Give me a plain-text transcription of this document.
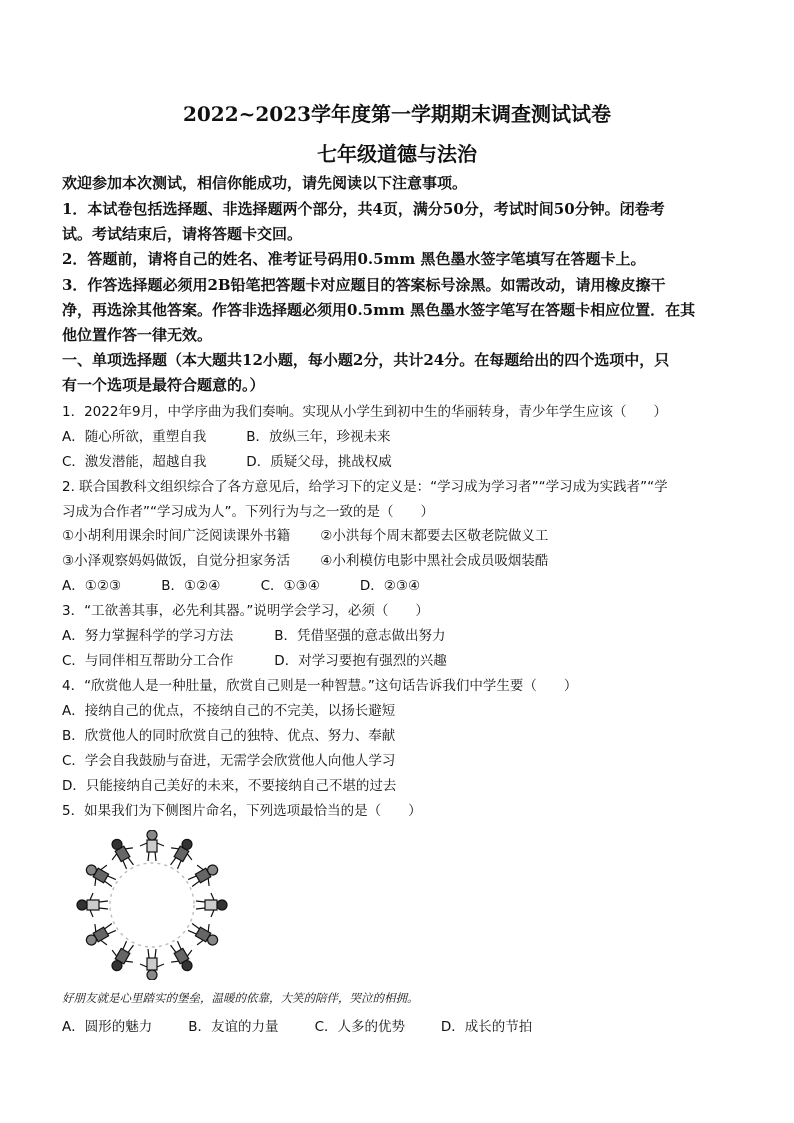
2022~2023学年度第一学期期末调查测试试卷
七年级道德与法治
欢迎参加本次测试，相信你能成功，请先阅读以下注意事项。
1．本试卷包括选择题、非选择题两个部分，共4页，满分50分，考试时间50分钟。闭卷考
试。考试结束后，请将答题卡交回。
2．答题前，请将自己的姓名、准考证号码用0.5mm 黑色墨水签字笔填写在答题卡上。
3．作答选择题必须用2B铅笔把答题卡对应题目的答案标号涂黑。如需改动，请用橡皮擦干
净，再选涂其他答案。作答非选择题必须用0.5mm 黑色墨水签字笔写在答题卡相应位置．在其
他位置作答一律无效。
一、单项选择题（本大题共12小题，每小题2分，共计24分。在每题给出的四个选项中，只
有一个选项是最符合题意的。）
1．2022年9月，中学序曲为我们奏响。实现从小学生到初中生的华丽转身，青少年学生应该（　　）
A．随心所欲，重塑自我	B．放纵三年，珍视未来
C．激发潜能，超越自我	D．质疑父母，挑战权威
2. 联合国教科文组织综合了各方意见后，给学习下的定义是：“学习成为学习者”“学习成为实践者”“学
习成为合作者”“学习成为人”。下列行为与之一致的是（　　）
①小胡利用课余时间广泛阅读课外书籍 ②小洪每个周末都要去区敬老院做义工
③小泽观察妈妈做饭，自觉分担家务活 ④小利模仿电影中黑社会成员吸烟装酷
A．①②③	B．①②④	C．①③④	D．②③④
3．“工欲善其事，必先利其器。”说明学会学习，必须（　　）
A．努力掌握科学的学习方法	B．凭借坚强的意志做出努力
C．与同伴相互帮助分工合作	D．对学习要抱有强烈的兴趣
4．“欣赏他人是一种肚量，欣赏自己则是一种智慧。”这句话告诉我们中学生要（　　）
A．接纳自己的优点，不接纳自己的不完美，以扬长避短
B．欣赏他人的同时欣赏自己的独特、优点、努力、奉献
C．学会自我鼓励与奋进，无需学会欣赏他人向他人学习
D．只能接纳自己美好的未来，不要接纳自己不堪的过去
5．如果我们为下侧图片命名，下列选项最恰当的是（　　）
好朋友就是心里踏实的堡垒，温暖的依靠，大笑的陪伴，哭泣的相拥。
A．圆形的魅力	B．友谊的力量	C．人多的优势	D．成长的节拍
